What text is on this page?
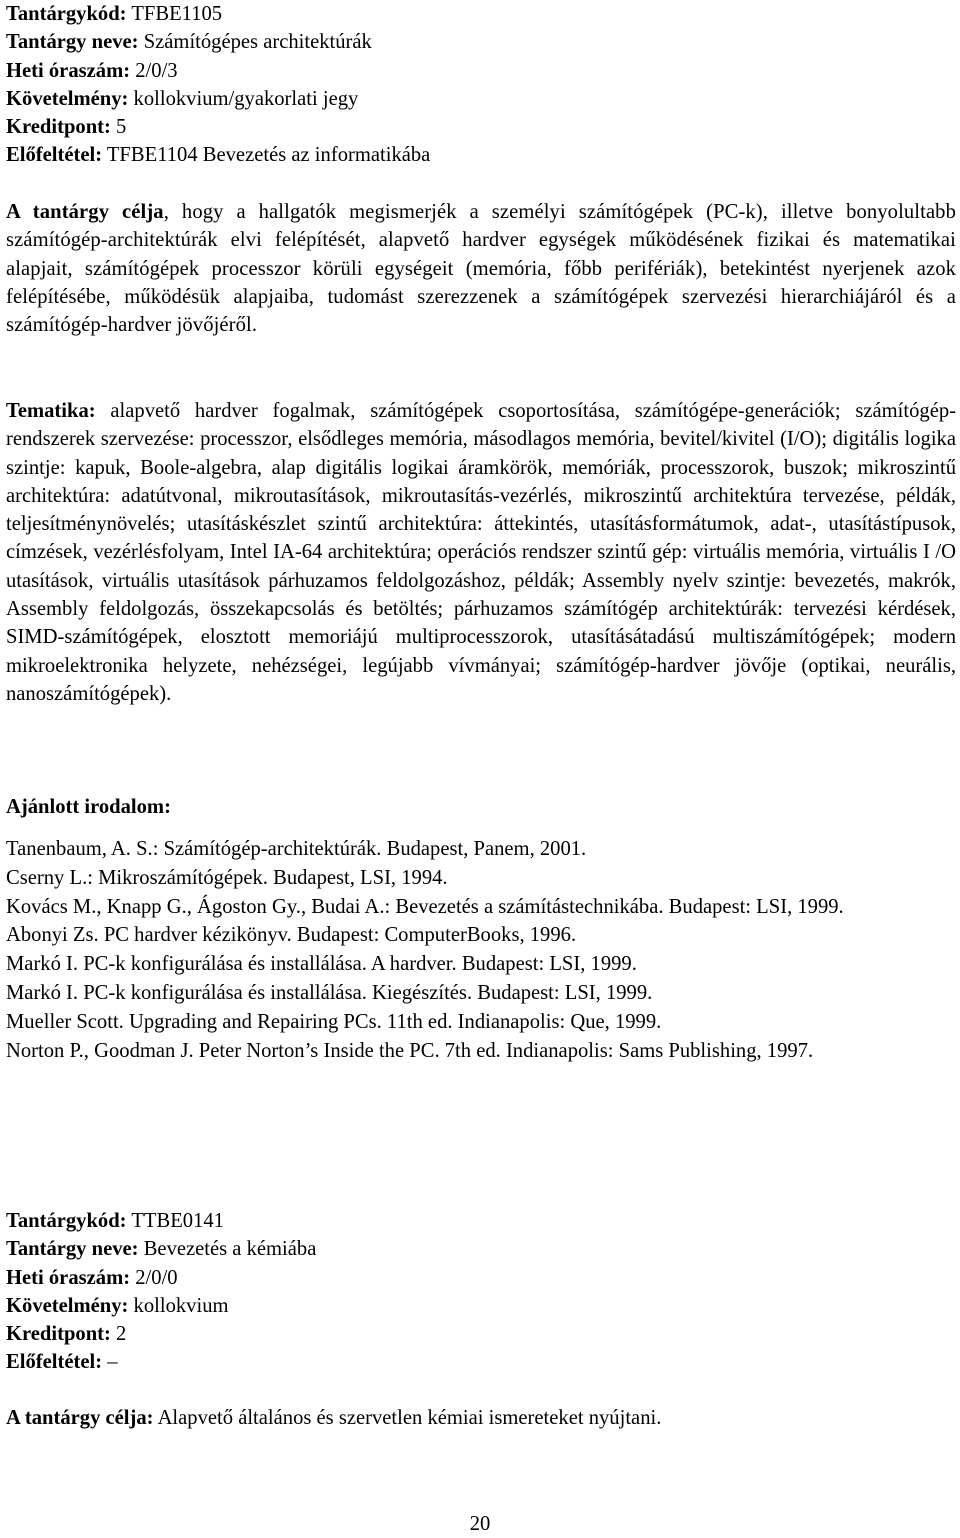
Tantárgykód: TFBE1105

Tantárgy neve: Számítógépes architektúrák

Heti óraszám: 2/0/3

Követelmény: kollokvium/gyakorlati jegy

Kreditpont: 5

Előfeltétel: TFBE1104 Bevezetés az informatikába

A tantárgy célja, hogy a hallgatók megismerjék a személyi számítógépek (PC-k), illetve bonyolultabb számítógép-architektúrák elvi felépítését, alapvető hardver egységek működésének fizikai és matematikai alapjait, számítógépek processzor körüli egységeit (memória, főbb perifériák), betekintést nyerjenek azok felépítésébe, működésük alapjaiba, tudomást szerezzenek a számítógépek szervezési hierarchiájáról és a számítógép-hardver jövőjéről.

Tematika: alapvető hardver fogalmak, számítógépek csoportosítása, számítógépe-generációk; számítógép-rendszerek szervezése: processzor, elsődleges memória, másodlagos memória, bevitel/kivitel (I/O); digitális logika szintje: kapuk, Boole-algebra, alap digitális logikai áramkörök, memóriák, processzorok, buszok; mikroszintű architektúra: adatútvonal, mikroutasítások, mikroutasítás-vezérlés, mikroszintű architektúra tervezése, példák, teljesítménynövelés; utasításkészlet szintű architektúra: áttekintés, utasításformátumok, adat-, utasítástípusok, címzések, vezérlésfolyam, Intel IA-64 architektúra; operációs rendszer szintű gép: virtuális memória, virtuális I /O utasítások, virtuális utasítások párhuzamos feldolgozáshoz, példák; Assembly nyelv szintje: bevezetés, makrók, Assembly feldolgozás, összekapcsolás és betöltés; párhuzamos számítógép architektúrák: tervezési kérdések, SIMD-számítógépek, elosztott memoriájú multiprocesszorok, utasításátadású multiszámítógépek; modern mikroelektronika helyzete, nehézségei, legújabb vívmányai; számítógép-hardver jövője (optikai, neurális, nanoszámítógépek).

Ajánlott irodalom:

Tanenbaum, A. S.: Számítógép-architektúrák. Budapest, Panem, 2001.

Cserny L.: Mikroszámítógépek. Budapest, LSI, 1994.

Kovács M., Knapp G., Ágoston Gy., Budai A.: Bevezetés a számítástechnikába. Budapest: LSI, 1999.

Abonyi Zs. PC hardver kézikönyv. Budapest: ComputerBooks, 1996.

Markó I. PC-k konfigurálása és installálása. A hardver. Budapest: LSI, 1999.

Markó I. PC-k konfigurálása és installálása. Kiegészítés. Budapest: LSI, 1999.

Mueller Scott. Upgrading and Repairing PCs. 11th ed. Indianapolis: Que, 1999.

Norton P., Goodman J. Peter Norton’s Inside the PC. 7th ed. Indianapolis: Sams Publishing, 1997.

Tantárgykód: TTBE0141

Tantárgy neve: Bevezetés a kémiába

Heti óraszám: 2/0/0

Követelmény: kollokvium

Kreditpont: 2

Előfeltétel: –

A tantárgy célja: Alapvető általános és szervetlen kémiai ismereteket nyújtani.
20
